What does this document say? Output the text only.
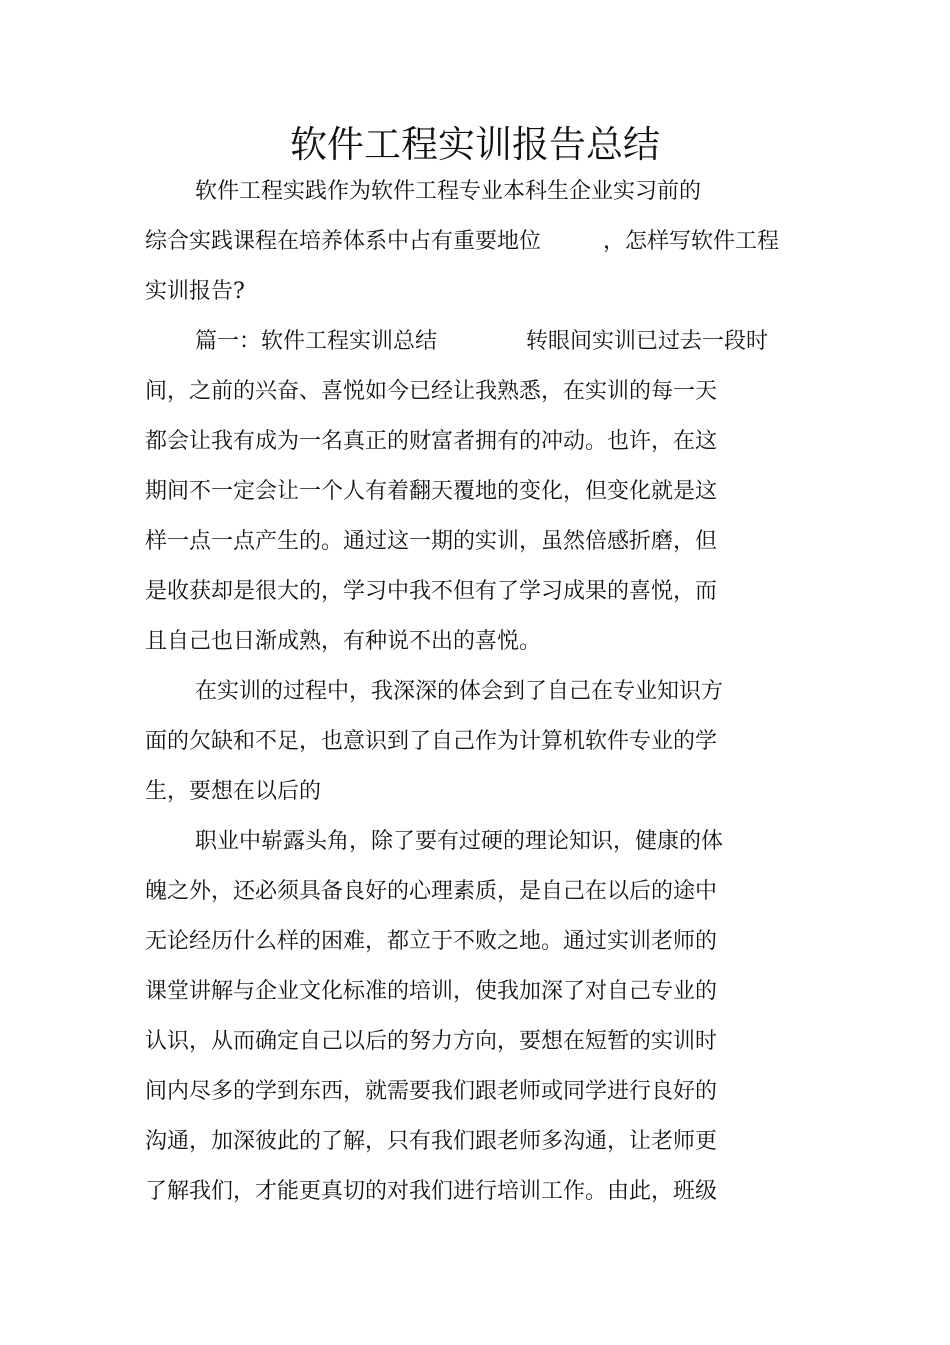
软件工程实训报告总结
软件工程实践作为软件工程专业本科生企业实习前的
综合实践课程在培养体系中占有重要地位	，怎样写软件工程
实训报告?
篇一：软件工程实训总结	转眼间实训已过去一段时
间，之前的兴奋、喜悦如今已经让我熟悉，在实训的每一天
都会让我有成为一名真正的财富者拥有的冲动。也许，在这
期间不一定会让一个人有着翻天覆地的变化，但变化就是这
样一点一点产生的。通过这一期的实训，虽然倍感折磨，但
是收获却是很大的，学习中我不但有了学习成果的喜悦，而
且自己也日渐成熟，有种说不出的喜悦。
在实训的过程中，我深深的体会到了自己在专业知识方
面的欠缺和不足，也意识到了自己作为计算机软件专业的学
生，要想在以后的
职业中崭露头角，除了要有过硬的理论知识，健康的体
魄之外，还必须具备良好的心理素质，是自己在以后的途中
无论经历什么样的困难，都立于不败之地。通过实训老师的
课堂讲解与企业文化标准的培训，使我加深了对自己专业的
认识，从而确定自己以后的努力方向，要想在短暂的实训时
间内尽多的学到东西，就需要我们跟老师或同学进行良好的
沟通，加深彼此的了解，只有我们跟老师多沟通，让老师更
了解我们，才能更真切的对我们进行培训工作。由此，班级
